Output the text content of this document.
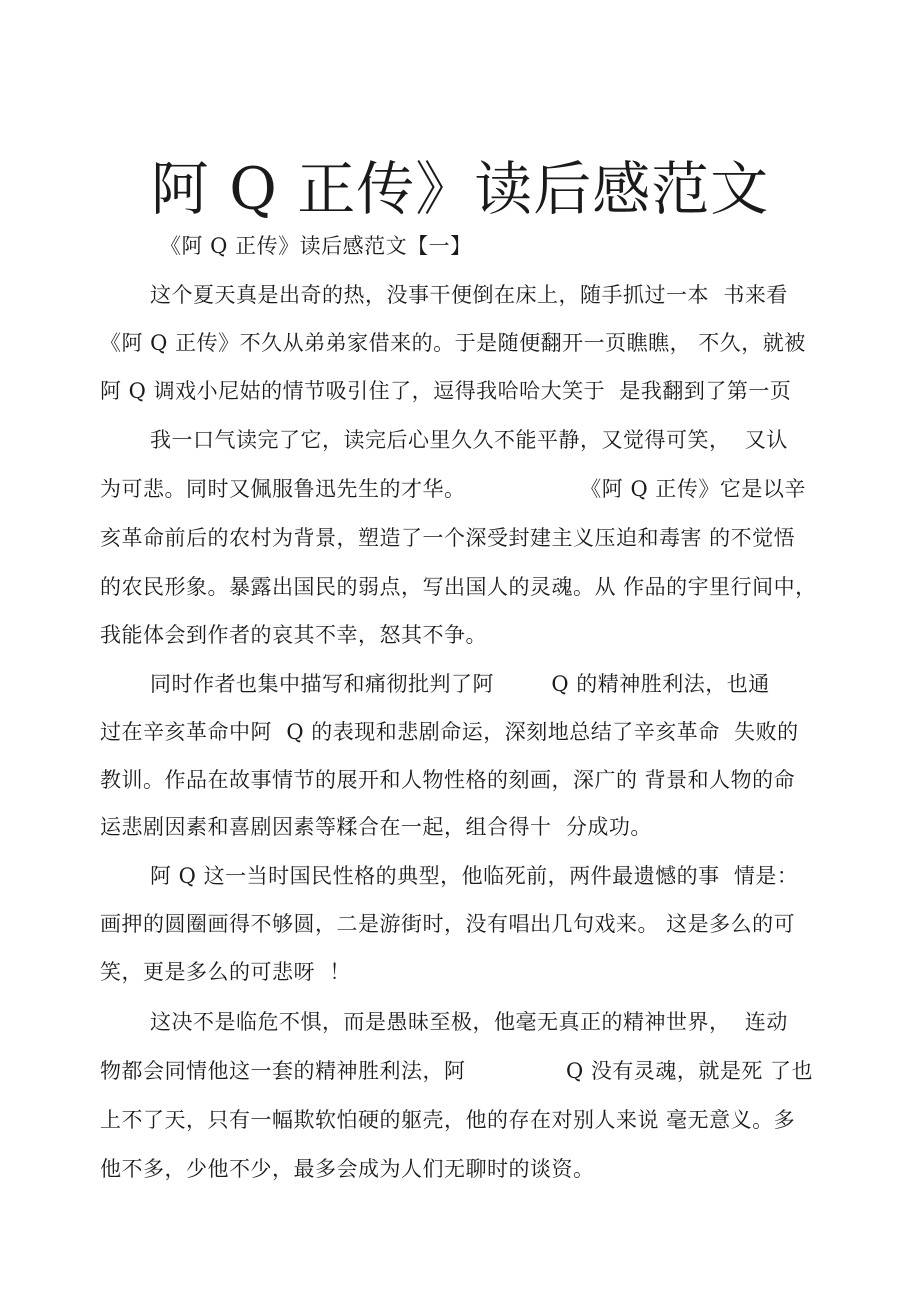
阿 Q 正传》读后感范文
《阿 Q 正传》读后感范文【一】
这个夏天真是出奇的热，没事干便倒在床上，随手抓过一本  书来看
《阿 Q 正传》不久从弟弟家借来的。于是随便翻开一页瞧瞧， 不久，就被
阿 Q 调戏小尼姑的情节吸引住了，逗得我哈哈大笑于  是我翻到了第一页
我一口气读完了它，读完后心里久久不能平静，又觉得可笑，  又认
为可悲。同时又佩服鲁迅先生的才华。                《阿 Q 正传》它是以辛
亥革命前后的农村为背景，塑造了一个深受封建主义压迫和毒害 的不觉悟
的农民形象。暴露出国民的弱点，写出国人的灵魂。从 作品的宇里行间中，
我能体会到作者的哀其不幸，怒其不争。
同时作者也集中描写和痛彻批判了阿        Q 的精神胜利法，也通
过在辛亥革命中阿  Q 的表现和悲剧命运，深刻地总结了辛亥革命  失败的
教训。作品在故事情节的展开和人物性格的刻画，深广的 背景和人物的命
运悲剧因素和喜剧因素等糅合在一起，组合得十  分成功。
阿 Q 这一当时国民性格的典型，他临死前，两件最遗憾的事  情是：
画押的圆圈画得不够圆，二是游街时，没有唱出几句戏来。 这是多么的可
笑，更是多么的可悲呀  ！
这决不是临危不惧，而是愚昧至极，他毫无真正的精神世界，  连动
物都会同情他这一套的精神胜利法，阿              Q 没有灵魂，就是死 了也
上不了天，只有一幅欺软怕硬的躯壳，他的存在对别人来说 毫无意义。多
他不多，少他不少，最多会成为人们无聊时的谈资。
